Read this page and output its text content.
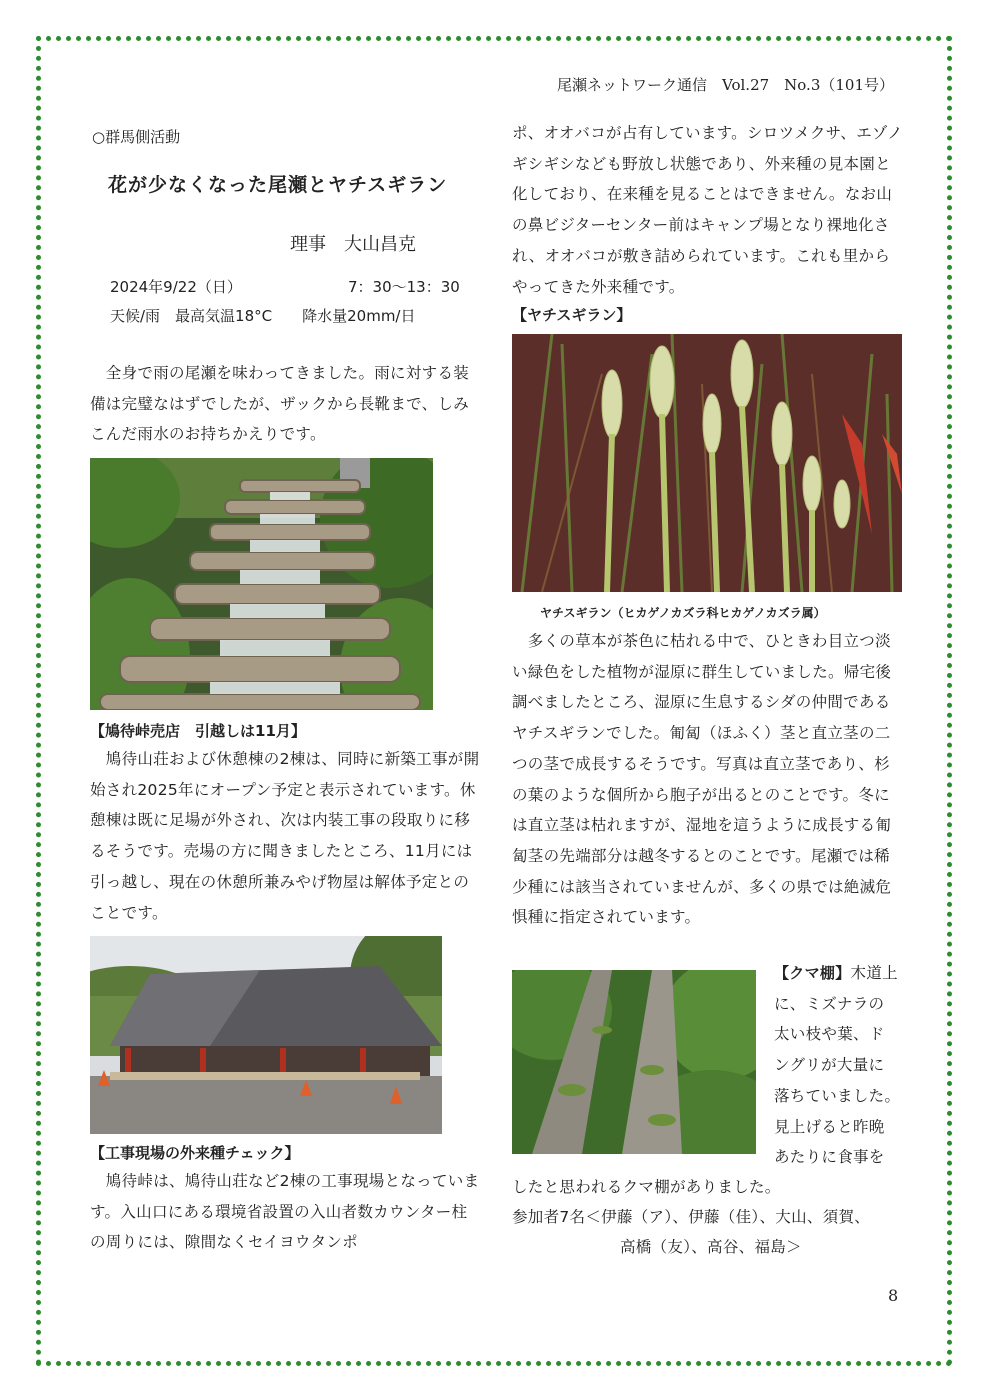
尾瀬ネットワーク通信　Vol.27　No.3（101号）
○群馬側活動
花が少なくなった尾瀬とヤチスギラン
理事　大山昌克
2024年9/22（日）	7：30～13：30
天候/雨　最高気温18°C　　降水量20mm/日
　全身で雨の尾瀬を味わってきました。雨に対する装備は完璧なはずでしたが、ザックから長靴まで、しみこんだ雨水のお持ちかえりです。
【鳩待峠売店　引越しは11月】
　鳩待山荘および休憩棟の2棟は、同時に新築工事が開始され2025年にオープン予定と表示されています。休憩棟は既に足場が外され、次は内装工事の段取りに移るそうです。売場の方に聞きましたところ、11月には引っ越し、現在の休憩所兼みやげ物屋は解体予定とのことです。
【工事現場の外来種チェック】
　鳩待峠は、鳩待山荘など2棟の工事現場となっています。入山口にある環境省設置の入山者数カウンター柱の周りには、隙間なくセイヨウタンポ
ポ、オオバコが占有しています。シロツメクサ、エゾノギシギシなども野放し状態であり、外来種の見本園と化しており、在来種を見ることはできません。なお山の鼻ビジターセンター前はキャンプ場となり裸地化され、オオバコが敷き詰められています。これも里からやってきた外来種です。
【ヤチスギラン】
ヤチスギラン（ヒカゲノカズラ科ヒカゲノカズラ属）
　多くの草本が茶色に枯れる中で、ひときわ目立つ淡い緑色をした植物が湿原に群生していました。帰宅後調べましたところ、湿原に生息するシダの仲間であるヤチスギランでした。匍匐（ほふく）茎と直立茎の二つの茎で成長するそうです。写真は直立茎であり、杉の葉のような個所から胞子が出るとのことです。冬には直立茎は枯れますが、湿地を這うように成長する匍匐茎の先端部分は越冬するとのことです。尾瀬では稀少種には該当されていませんが、多くの県では絶滅危惧種に指定されています。
【クマ棚】木道上
に、ミズナラの
太い枝や葉、ド
ングリが大量に
落ちていました。
見上げると昨晩
あたりに食事を
したと思われるクマ棚がありました。
参加者7名＜伊藤（ア）、伊藤（佳）、大山、須賀、
高橋（友）、高谷、福島＞
8
